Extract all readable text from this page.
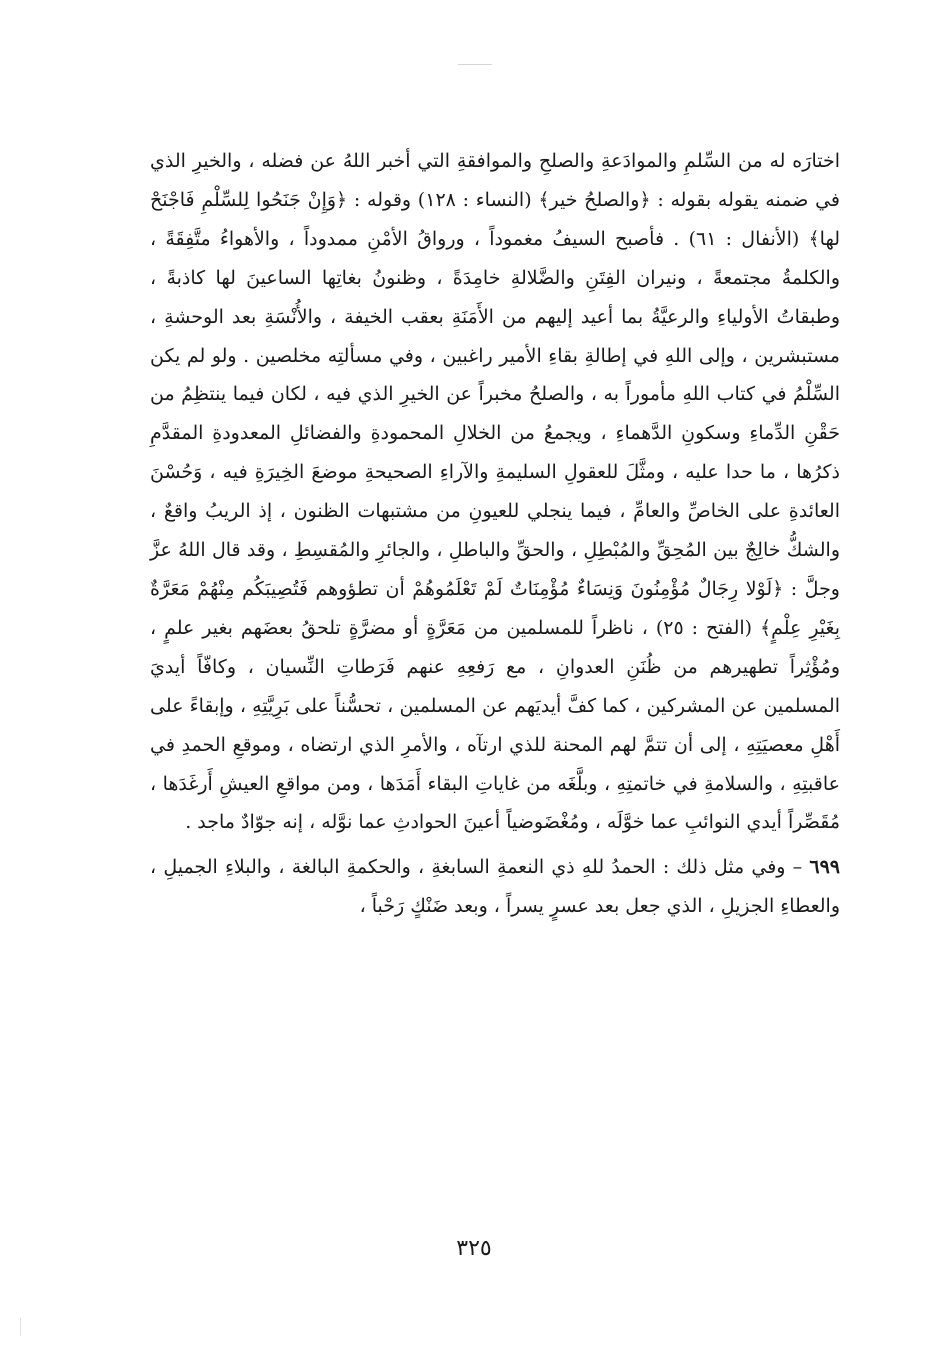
اختارَه له من السِّلمِ والموادَعةِ والصلحِ والموافقةِ التي أخبر اللهُ عن فضله ، والخيرِ الذي في ضمنه يقوله بقوله : ﴿والصلحُ خير﴾ (النساء : ١٢٨) وقوله : ﴿وَإِنْ جَنَحُوا لِلسِّلْمِ فَاجْنَحْ لها﴾ (الأنفال : ٦١) . فأصبح السيفُ مغموداً ، ورواقُ الأمْنِ ممدوداً ، والأهواءُ متَّفِقَةً ، والكلمةُ مجتمعةً ، ونيران الفِتَنِ والضَّلالةِ خامِدَةً ، وظنونُ بغاتِها الساعينَ لها كاذبةً ، وطبقاتُ الأولياءِ والرعيَّةُ بما أعيد إليهم من الأَمَنَةِ بعقب الخيفة ، والأُنْسَةِ بعد الوحشةِ ، مستبشرين ، وإلى اللهِ في إطالةِ بقاءِ الأمير راغبين ، وفي مسألتِه مخلصين . ولو لم يكن السِّلْمُ في كتاب اللهِ مأموراً به ، والصلحُ مخبراً عن الخيرِ الذي فيه ، لكان فيما ينتظِمُ من حَقْنِ الدِّماءِ وسكونِ الدَّهماءِ ، ويجمعُ من الخلالِ المحمودةِ والفضائلِ المعدودةِ المقدَّمِ ذكرُها ، ما حدا عليه ، ومثَّلَ للعقولِ السليمةِ والآراءِ الصحيحةِ موضعَ الخِيرَةِ فيه ، وَحُسْنَ العائدةِ على الخاصِّ والعامِّ ، فيما ينجلي للعيونِ من مشتبهات الظنون ، إذ الريبُ واقعٌ ، والشكُّ خالِجٌ بين المُحِقِّ والمُبْطِلِ ، والحقِّ والباطلِ ، والجائرِ والمُقسِطِ ، وقد قال اللهُ عزَّ وجلَّ : ﴿لَوْلا رِجَالٌ مُؤْمِنُونَ وَنِسَاءٌ مُؤْمِنَاتٌ لَمْ تَعْلَمُوهُمْ أن تطؤوهم فَتُصِيبَكُم مِنْهُمْ مَعَرَّةٌ بِغَيْرِ عِلْمٍ﴾ (الفتح : ٢٥) ، ناظراً للمسلمين من مَعَرَّةٍ أو مضرَّةٍ تلحقُ بعضَهم بغير علمٍ ، ومُؤْثِراً تطهيرهم من ظُنَنِ العدوانِ ، مع رَفعِهِ عنهم فَرَطاتِ النِّسيان ، وكافّاً أيديَ المسلمين عن المشركين ، كما كفَّ أيديَهم عن المسلمين ، تحسُّناً على بَرِيَّتِهِ ، وإبقاءً على أَهْلِ معصيَتِهِ ، إلى أن تتمَّ لهم المحنة للذي ارتآه ، والأمرِ الذي ارتضاه ، وموقعِ الحمدِ في عاقبتِهِ ، والسلامةِ في خاتمتِهِ ، وبلَّغَه من غاياتِ البقاء أَمَدَها ، ومن مواقعِ العيشِ أَرغَدَها ، مُقَصِّراً أيدي النوائبِ عما خوَّلَه ، ومُغْضَوضياً أعينَ الحوادثِ عما نوَّله ، إنه جوّادٌ ماجد .

٦٩٩ – وفي مثل ذلك : الحمدُ للهِ ذي النعمةِ السابغةِ ، والحكمةِ البالغة ، والبلاءِ الجميلِ ، والعطاءِ الجزيلِ ، الذي جعل بعد عسرٍ يسراً ، وبعد ضَنْكٍ رَحْباً ،

٣٢٥
